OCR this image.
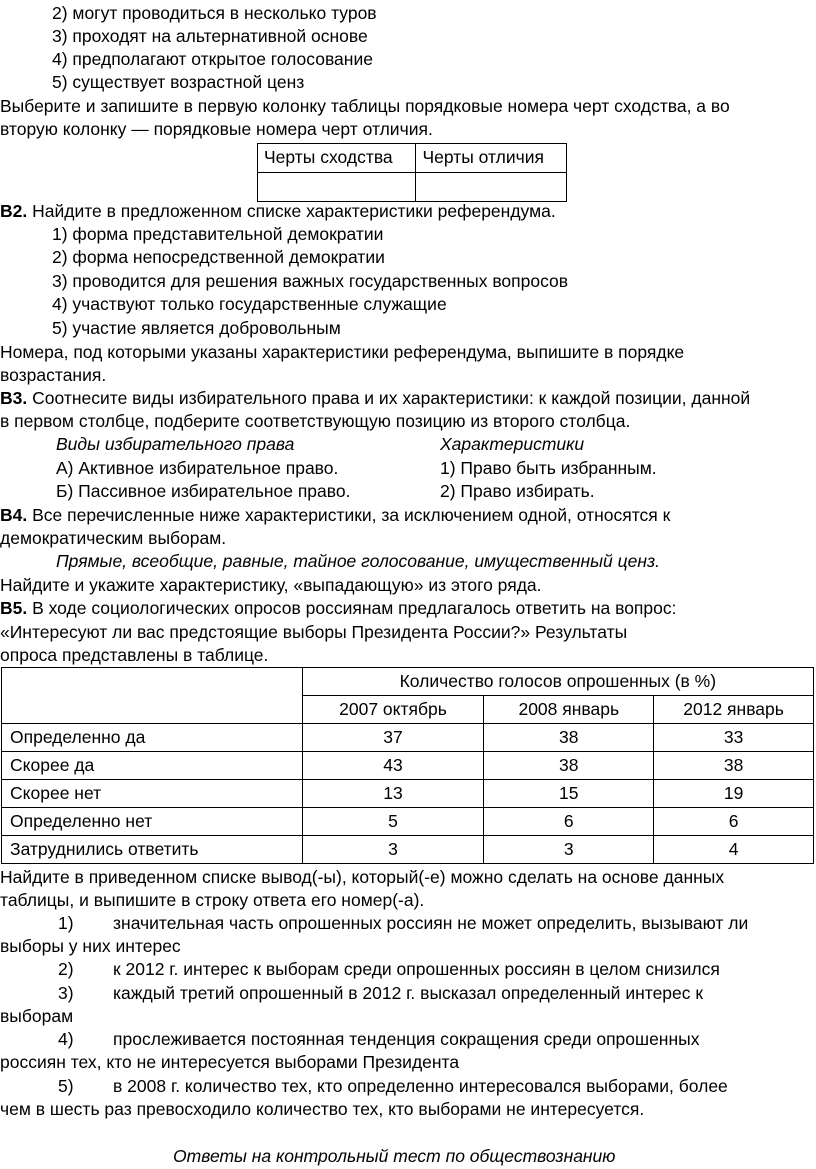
2) могут проводиться в несколько туров
3) проходят на альтернативной основе
4) предполагают открытое голосование
5) существует возрастной ценз
Выберите и запишите в первую колонку таблицы порядковые номера черт сходства, а во
вторую колонку — порядковые номера черт отличия.
Черты сходства	Черты отличия

В2. Найдите в предложенном списке характеристики референдума.
1) форма представительной демократии
2) форма непосредственной демократии
3) проводится для решения важных государственных вопросов
4) участвуют только государственные служащие
5) участие является добровольным
Номера, под которыми указаны характеристики референдума, выпишите в порядке
возрастания.
В3. Соотнесите виды избирательного права и их характеристики: к каждой позиции, данной
в первом столбце, подберите соответствующую позицию из второго столбца.
Виды избирательного права	Характеристики
А) Активное избирательное право.	1) Право быть избранным.
Б) Пассивное избирательное право.	2) Право избирать.
В4. Все перечисленные ниже характеристики, за исключением одной, относятся к
демократическим выборам.
Прямые, всеобщие, равные, тайное голосование, имущественный ценз.
Найдите и укажите характеристику, «выпадающую» из этого ряда.
В5. В ходе социологических опросов россиянам предлагалось ответить на вопрос:
«Интересуют ли вас предстоящие выборы Президента России?» Результаты
опроса представлены в таблице.
	Количество голосов опрошенных (в %)		
	2007 октябрь	2008 январь	2012 январь
Определенно да	37	38	33
Скорее да	43	38	38
Скорее нет	13	15	19
Определенно нет	5	6	6
Затруднились ответить	3	3	4
Найдите в приведенном списке вывод(-ы), который(-е) можно сделать на основе данных
таблицы, и выпишите в строку ответа его номер(-а).
1) значительная часть опрошенных россиян не может определить, вызывают ли
выборы у них интерес
2) к 2012 г. интерес к выборам среди опрошенных россиян в целом снизился
3) каждый третий опрошенный в 2012 г. высказал определенный интерес к
выборам
4) прослеживается постоянная тенденция сокращения среди опрошенных
россиян тех, кто не интересуется выборами Президента
5) в 2008 г. количество тех, кто определенно интересовался выборами, более
чем в шесть раз превосходило количество тех, кто выборами не интересуется.
Ответы на контрольный тест по обществознанию
